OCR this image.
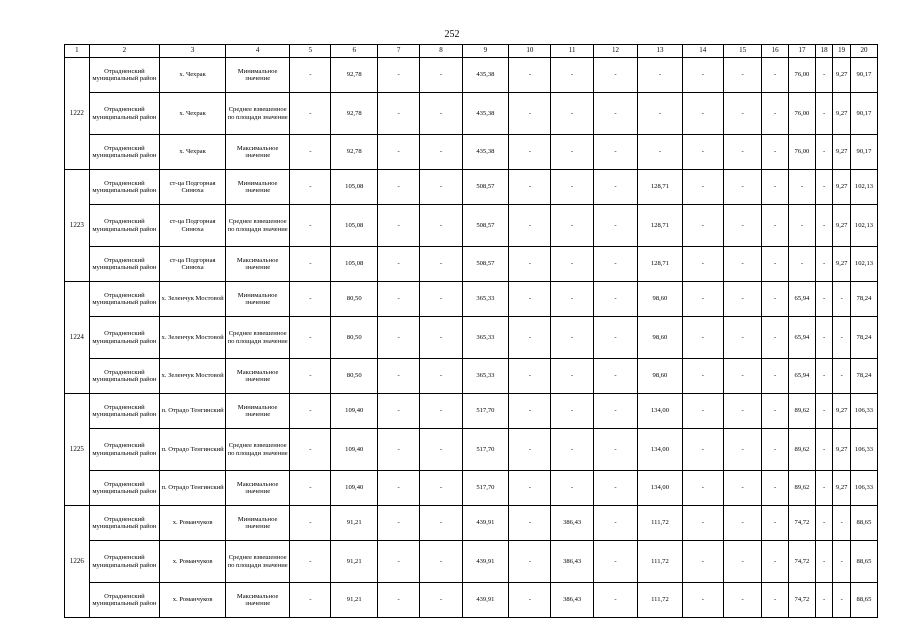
252
1	2	3	4	5	6	7	8	9	10	11	12	13	14	15	16	17	18	19	20
1222	Отрадненский муниципальный район	х. Чехрак	Минимальное значение	-	92,78	-	-	435,38	-	-	-	-	-	-	-	76,00	-	9,27	90,17
	Отрадненский муниципальный район	х. Чехрак	Среднее взвешенное по площади значение	-	92,78	-	-	435,38	-	-	-	-	-	-	-	76,00	-	9,27	90,17
	Отрадненский муниципальный район	х. Чехрак	Максимальное значение	-	92,78	-	-	435,38	-	-	-	-	-	-	-	76,00	-	9,27	90,17
1223	Отрадненский муниципальный район	ст-ца Подгорная Синюха	Минимальное значение	-	105,08	-	-	508,57	-	-	-	128,71	-	-	-	-	-	9,27	102,13
	Отрадненский муниципальный район	ст-ца Подгорная Синюха	Среднее взвешенное по площади значение	-	105,08	-	-	508,57	-	-	-	128,71	-	-	-	-	-	9,27	102,13
	Отрадненский муниципальный район	ст-ца Подгорная Синюха	Максимальное значение	-	105,08	-	-	508,57	-	-	-	128,71	-	-	-	-	-	9,27	102,13
1224	Отрадненский муниципальный район	х. Зеленчук Мостовой	Минимальное значение	-	80,50	-	-	365,33	-	-	-	98,60	-	-	-	65,94	-	-	78,24
	Отрадненский муниципальный район	х. Зеленчук Мостовой	Среднее взвешенное по площади значение	-	80,50	-	-	365,33	-	-	-	98,60	-	-	-	65,94	-	-	78,24
	Отрадненский муниципальный район	х. Зеленчук Мостовой	Максимальное значение	-	80,50	-	-	365,33	-	-	-	98,60	-	-	-	65,94	-	-	78,24
1225	Отрадненский муниципальный район	п. Отрадо Тенгинский	Минимальное значение	-	109,40	-	-	517,70	-	-	-	134,00	-	-	-	89,62	-	9,27	106,33
	Отрадненский муниципальный район	п. Отрадо Тенгинский	Среднее взвешенное по площади значение	-	109,40	-	-	517,70	-	-	-	134,00	-	-	-	89,62	-	9,27	106,33
	Отрадненский муниципальный район	п. Отрадо Тенгинский	Максимальное значение	-	109,40	-	-	517,70	-	-	-	134,00	-	-	-	89,62	-	9,27	106,33
1226	Отрадненский муниципальный район	х. Романчуков	Минимальное значение	-	91,21	-	-	439,91	-	386,43	-	111,72	-	-	-	74,72	-	-	88,65
	Отрадненский муниципальный район	х. Романчуков	Среднее взвешенное по площади значение	-	91,21	-	-	439,91	-	386,43	-	111,72	-	-	-	74,72	-	-	88,65
	Отрадненский муниципальный район	х. Романчуков	Максимальное значение	-	91,21	-	-	439,91	-	386,43	-	111,72	-	-	-	74,72	-	-	88,65
